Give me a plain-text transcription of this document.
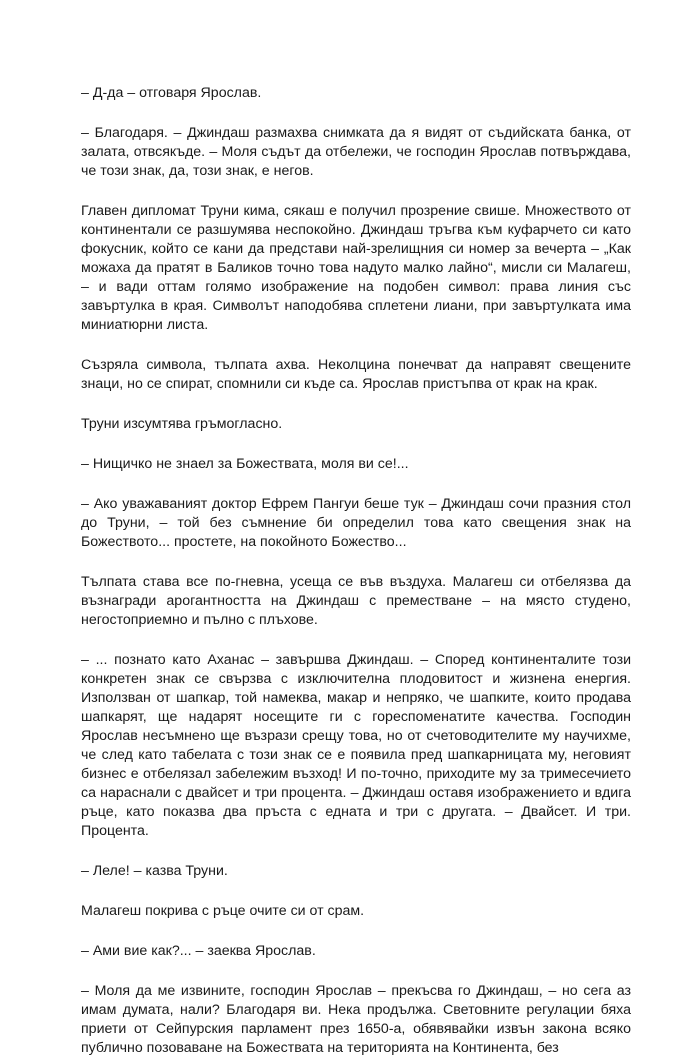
– Д-да – отговаря Ярослав.

– Благодаря. – Джиндаш размахва снимката да я видят от съдийската банка, от залата, отвсякъде. – Моля съдът да отбележи, че господин Ярослав потвърждава, че този знак, да, този знак, е негов.

Главен дипломат Труни кима, сякаш е получил прозрение свише. Множеството от континентали се разшумява неспокойно. Джиндаш тръгва към куфарчето си като фокусник, който се кани да представи най-зрелищния си номер за вечерта – „Как можаха да пратят в Баликов точно това надуто малко лайно“, мисли си Малагеш, – и вади оттам голямо изображение на подобен символ: права линия със завъртулка в края. Символът наподобява сплетени лиани, при завъртулката има миниатюрни листа.

Съзряла символа, тълпата ахва. Неколцина понечват да направят свещените знаци, но се спират, спомнили си къде са. Ярослав пристъпва от крак на крак.

Труни изсумтява гръмогласно.

– Нищичко не знаел за Божествата, моля ви се!...

– Ако уважаваният доктор Ефрем Пангуи беше тук – Джиндаш сочи празния стол до Труни, – той без съмнение би определил това като свещения знак на Божеството... простете, на покойното Божество...

Тълпата става все по-гневна, усеща се във въздуха. Малагеш си отбелязва да възнагради арогантността на Джиндаш с преместване – на място студено, негостоприемно и пълно с плъхове.

– ... познато като Аханас – завършва Джиндаш. – Според континенталите този конкретен знак се свързва с изключителна плодовитост и жизнена енергия. Използван от шапкар, той намеква, макар и непряко, че шапките, които продава шапкарят, ще надарят носещите ги с гореспоменатите качества. Господин Ярослав несъмнено ще възрази срещу това, но от счетоводителите му научихме, че след като табелата с този знак се е появила пред шапкарницата му, неговият бизнес е отбелязал забележим възход! И по-точно, приходите му за тримесечието са нараснали с двайсет и три процента. – Джиндаш оставя изображението и вдига ръце, като показва два пръста с едната и три с другата. – Двайсет. И три. Процента.

– Леле! – казва Труни.

Малагеш покрива с ръце очите си от срам.

– Ами вие как?... – заеква Ярослав.

– Моля да ме извините, господин Ярослав – прекъсва го Джиндаш, – но сега аз имам думата, нали? Благодаря ви. Нека продължа. Световните регулации бяха приети от Сейпурския парламент през 1650-а, обявявайки извън закона всяко публично позоваване на Божествата на територията на Континента, без
